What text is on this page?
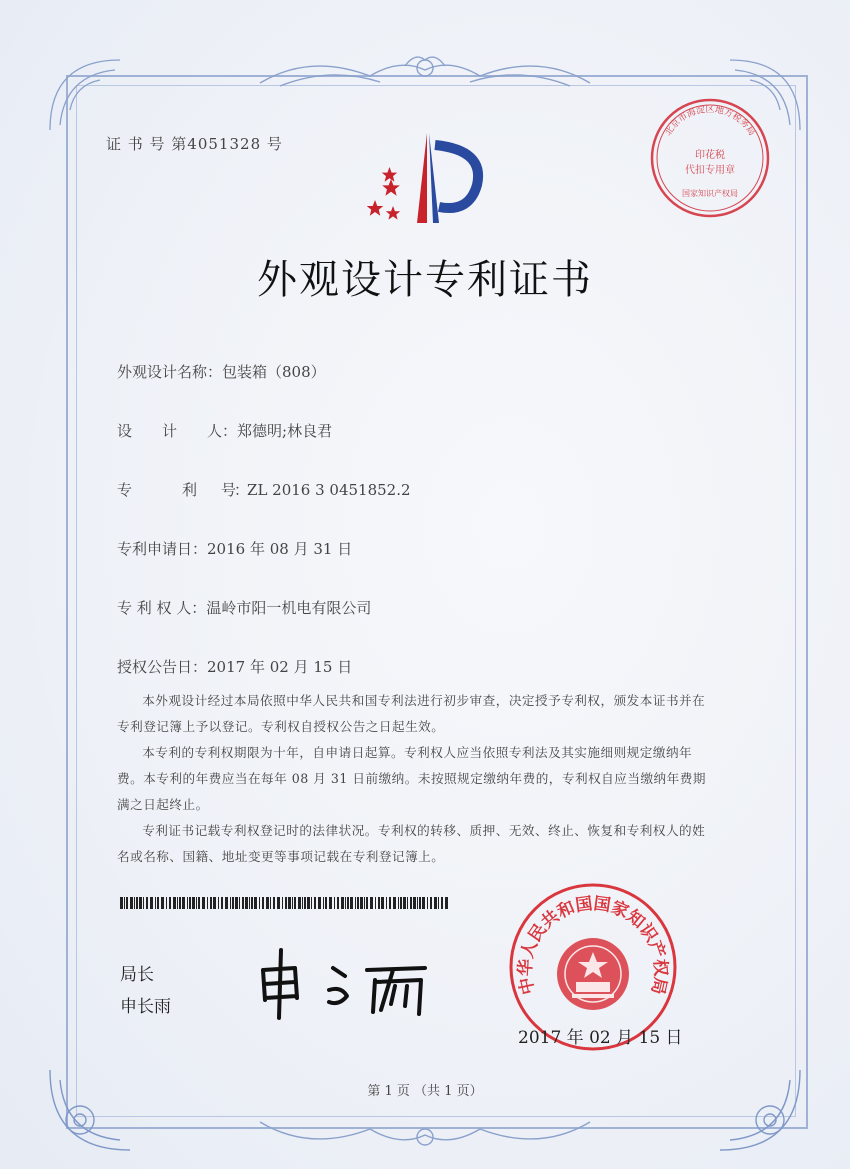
证 书 号 第4051328 号
北京市海淀区地方税务局
印花税
代扣专用章
国家知识产权局
外观设计专利证书
外观设计名称：包装箱（808）
设　　计　　人：郑德明;林良君
专　　　　利　　号：ZL 2016 3 0451852.2
专利申请日：2016 年 08 月 31 日
专 利 权 人：温岭市阳一机电有限公司
授权公告日：2017 年 02 月 15 日
本外观设计经过本局依照中华人民共和国专利法进行初步审查，决定授予专利权，颁发本证书并在专利登记簿上予以登记。专利权自授权公告之日起生效。
本专利的专利权期限为十年，自申请日起算。专利权人应当依照专利法及其实施细则规定缴纳年费。本专利的年费应当在每年 08 月 31 日前缴纳。未按照规定缴纳年费的，专利权自应当缴纳年费期满之日起终止。
专利证书记载专利权登记时的法律状况。专利权的转移、质押、无效、终止、恢复和专利权人的姓名或名称、国籍、地址变更等事项记载在专利登记簿上。
局长
申长雨
中华人民共和国国家知识产权局
2017 年 02 月 15 日
第 1 页 （共 1 页）
